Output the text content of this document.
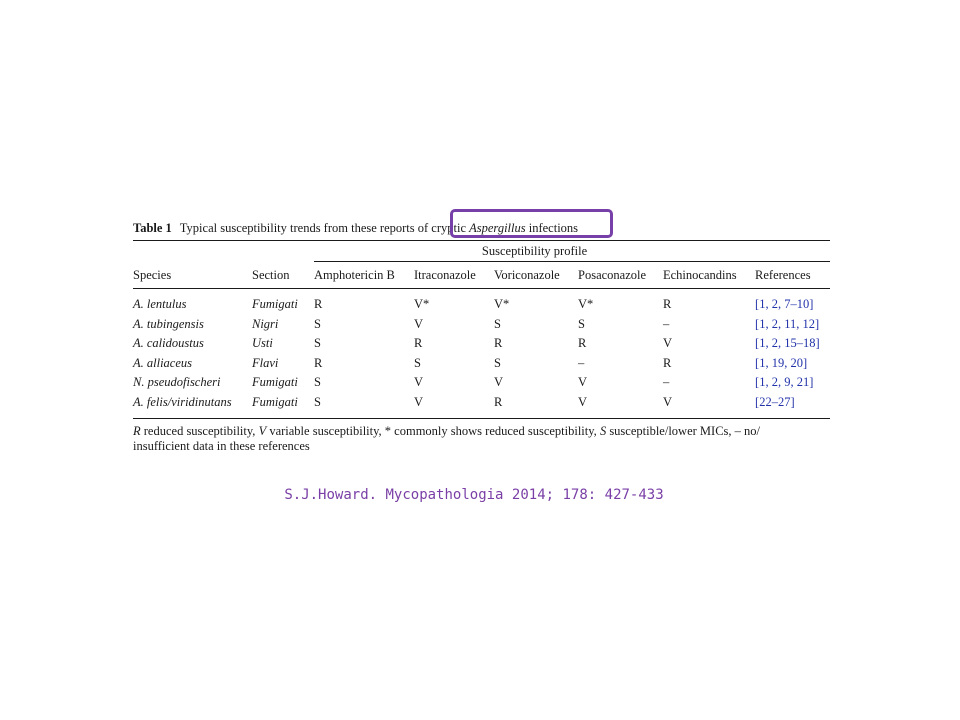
Table 1 Typical susceptibility trends from these reports of cryptic Aspergillus infections
		Susceptibility profile					

Species	Section	Amphotericin B	Itraconazole	Voriconazole	Posaconazole	Echinocandins	References

A. lentulus	Fumigati	R	V*	V*	V*	R	[1, 2, 7–10]
A. tubingensis	Nigri	S	V	S	S	–	[1, 2, 11, 12]
A. calidoustus	Usti	S	R	R	R	V	[1, 2, 15–18]
A. alliaceus	Flavi	R	S	S	–	R	[1, 19, 20]
N. pseudofischeri	Fumigati	S	V	V	V	–	[1, 2, 9, 21]
A. felis/viridinutans	Fumigati	S	V	R	V	V	[22–27]

R reduced susceptibility, V variable susceptibility, * commonly shows reduced susceptibility, S susceptible/lower MICs, – no/
insufficient data in these references
S.J.Howard. Mycopathologia 2014; 178: 427-433
